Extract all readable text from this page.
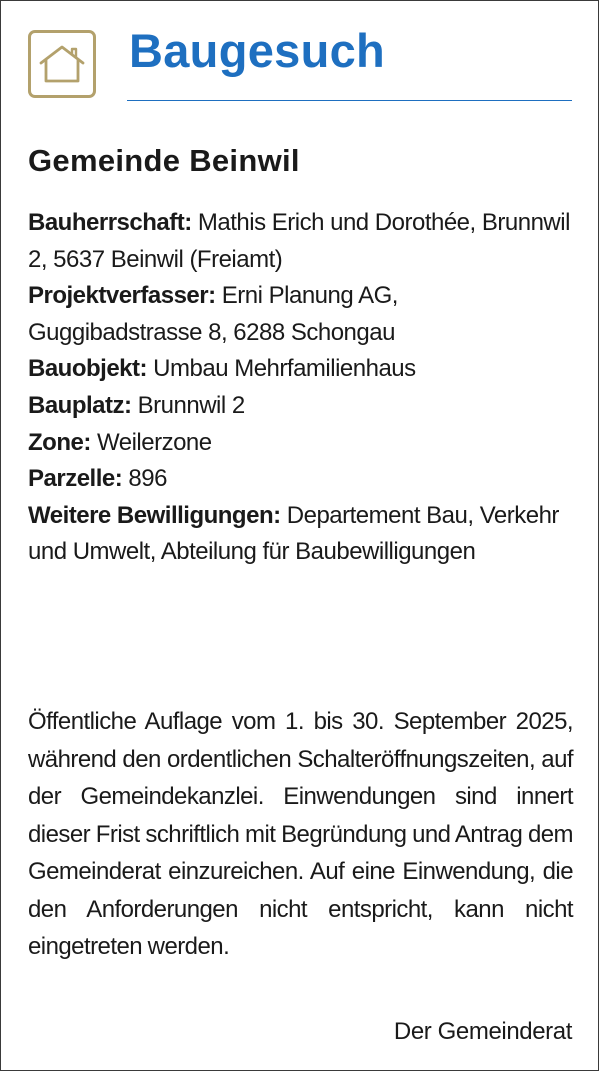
Baugesuch
Gemeinde Beinwil

Bauherrschaft: Mathis Erich und Dorothée, Brunnwil 2, 5637 Beinwil (Freiamt)

Projektverfasser: Erni Planung AG, Guggibadstrasse 8, 6288 Schongau

Bauobjekt: Umbau Mehrfamilienhaus

Bauplatz: Brunnwil 2

Zone: Weilerzone

Parzelle: 896

Weitere Bewilligungen: Departement Bau, Verkehr und Umwelt, Abteilung für Baubewilligungen

Öffentliche Auflage vom 1. bis 30. September 2025, während den ordentlichen Schalteröffnungszeiten, auf der Gemeindekanzlei. Einwendungen sind innert dieser Frist schriftlich mit Begründung und Antrag dem Gemeinderat einzureichen. Auf eine Einwendung, die den Anforderungen nicht entspricht, kann nicht eingetreten werden.

Der Gemeinderat
